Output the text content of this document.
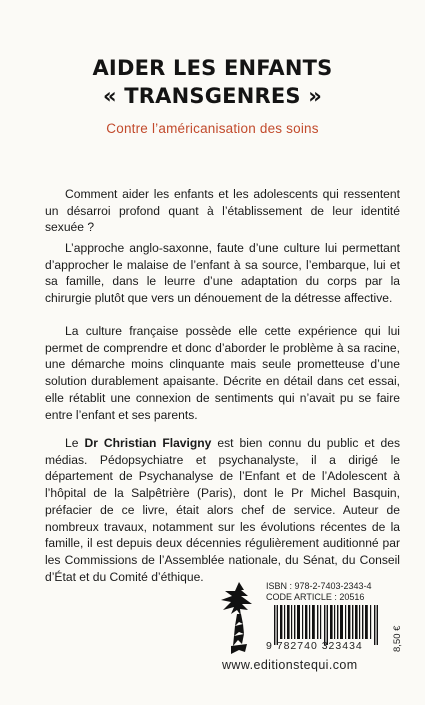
AIDER LES ENFANTS
« TRANSGENRES »
Contre l’américanisation des soins

Comment aider les enfants et les adolescents qui ressentent un désarroi profond quant à l’établissement de leur identité sexuée ?

L’approche anglo-saxonne, faute d’une culture lui permettant d’approcher le malaise de l’enfant à sa source, l’embarque, lui et sa famille, dans le leurre d’une adaptation du corps par la chirurgie plutôt que vers un dénouement de la détresse affective.

La culture française possède elle cette expérience qui lui permet de comprendre et donc d’aborder le problème à sa racine, une démarche moins clinquante mais seule prometteuse d’une solution durablement apaisante. Décrite en détail dans cet essai, elle rétablit une connexion de sentiments qui n’avait pu se faire entre l’enfant et ses parents.

Le Dr Christian Flavigny est bien connu du public et des médias. Pédopsychiatre et psychanalyste, il a dirigé le département de Psychanalyse de l’Enfant et de l’Adolescent à l’hôpital de la Salpêtrière (Paris), dont le Pr Michel Basquin, préfacier de ce livre, était alors chef de service. Auteur de nombreux travaux, notamment sur les évolutions récentes de la famille, il est depuis deux décennies régulièrement auditionné par les Commissions de l’Assemblée nationale, du Sénat, du Conseil d’État et du Comité d’éthique.

ISBN : 978-2-7403-2343-4
CODE ARTICLE : 20516
9 782740 323434	8,50 €
www.editionstequi.com
